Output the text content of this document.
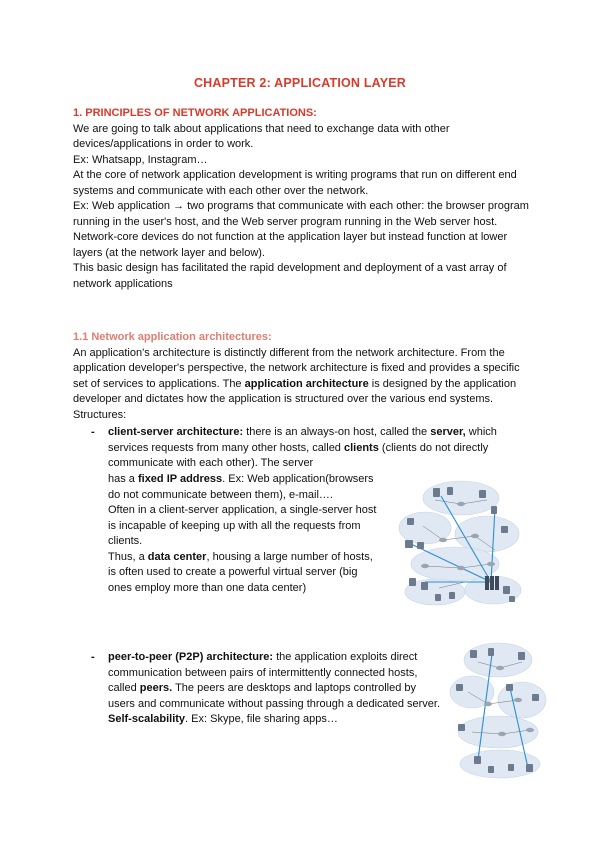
CHAPTER 2: APPLICATION LAYER
1. PRINCIPLES OF NETWORK APPLICATIONS:

We are going to talk about applications that need to exchange data with other devices/applications in order to work.

Ex: Whatsapp, Instagram…

At the core of network application development is writing programs that run on different end systems and communicate with each other over the network.

Ex: Web application → two programs that communicate with each other: the browser program running in the user's host, and the Web server program running in the Web server host.

Network-core devices do not function at the application layer but instead function at lower layers (at the network layer and below).

This basic design has facilitated the rapid development and deployment of a vast array of network applications

1.1 Network application architectures:

An application's architecture is distinctly different from the network architecture. From the application developer's perspective, the network architecture is fixed and provides a specific set of services to applications. The application architecture is designed by the application developer and dictates how the application is structured over the various end systems. Structures:

- client-server architecture: there is an always-on host, called the server, which services requests from many other hosts, called clients (clients do not directly communicate with each other). The server
has a fixed IP address. Ex: Web application(browsers do not communicate between them), e-mail….

Often in a client-server application, a single-server host is incapable of keeping up with all the requests from clients.

Thus, a data center, housing a large number of hosts, is often used to create a powerful virtual server (big ones employ more than one data center)

- peer-to-peer (P2P) architecture: the application exploits direct communication between pairs of intermittently connected hosts, called peers. The peers are desktops and laptops controlled by users and communicate without passing through a dedicated server. Self-scalability. Ex: Skype, file sharing apps…
